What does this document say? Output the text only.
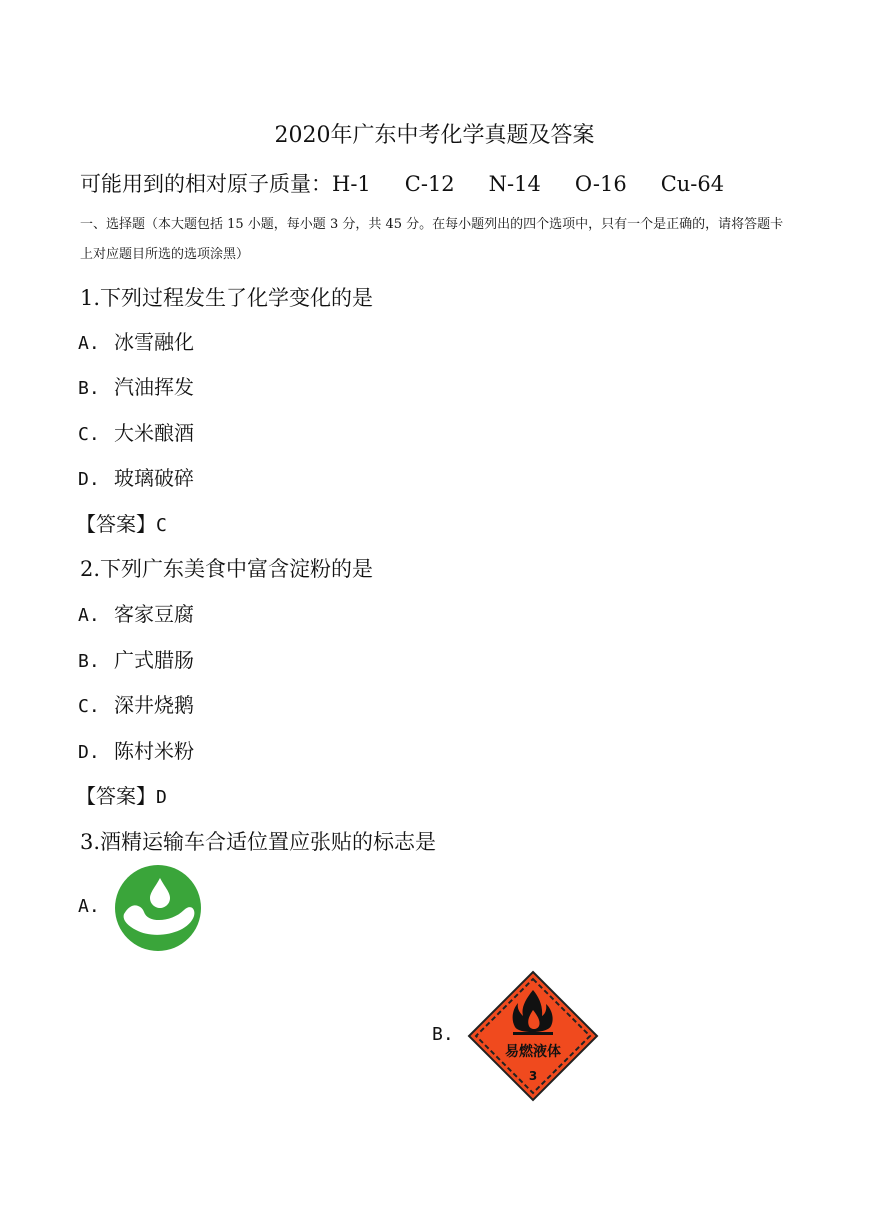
2020年广东中考化学真题及答案
可能用到的相对原子质量：H-1 C-12 N-14 O-16 Cu-64
一、选择题（本大题包括 15 小题，每小题 3 分，共 45 分。在每小题列出的四个选项中，只有一个是正确的，请将答题卡上对应题目所选的选项涂黑）
1.下列过程发生了化学变化的是
A. 冰雪融化
B. 汽油挥发
C. 大米酿酒
D. 玻璃破碎
【答案】C
2.下列广东美食中富含淀粉的是
A. 客家豆腐
B. 广式腊肠
C. 深井烧鹅
D. 陈村米粉
【答案】D
3.酒精运输车合适位置应张贴的标志是
A.
B.
易燃液体
3
